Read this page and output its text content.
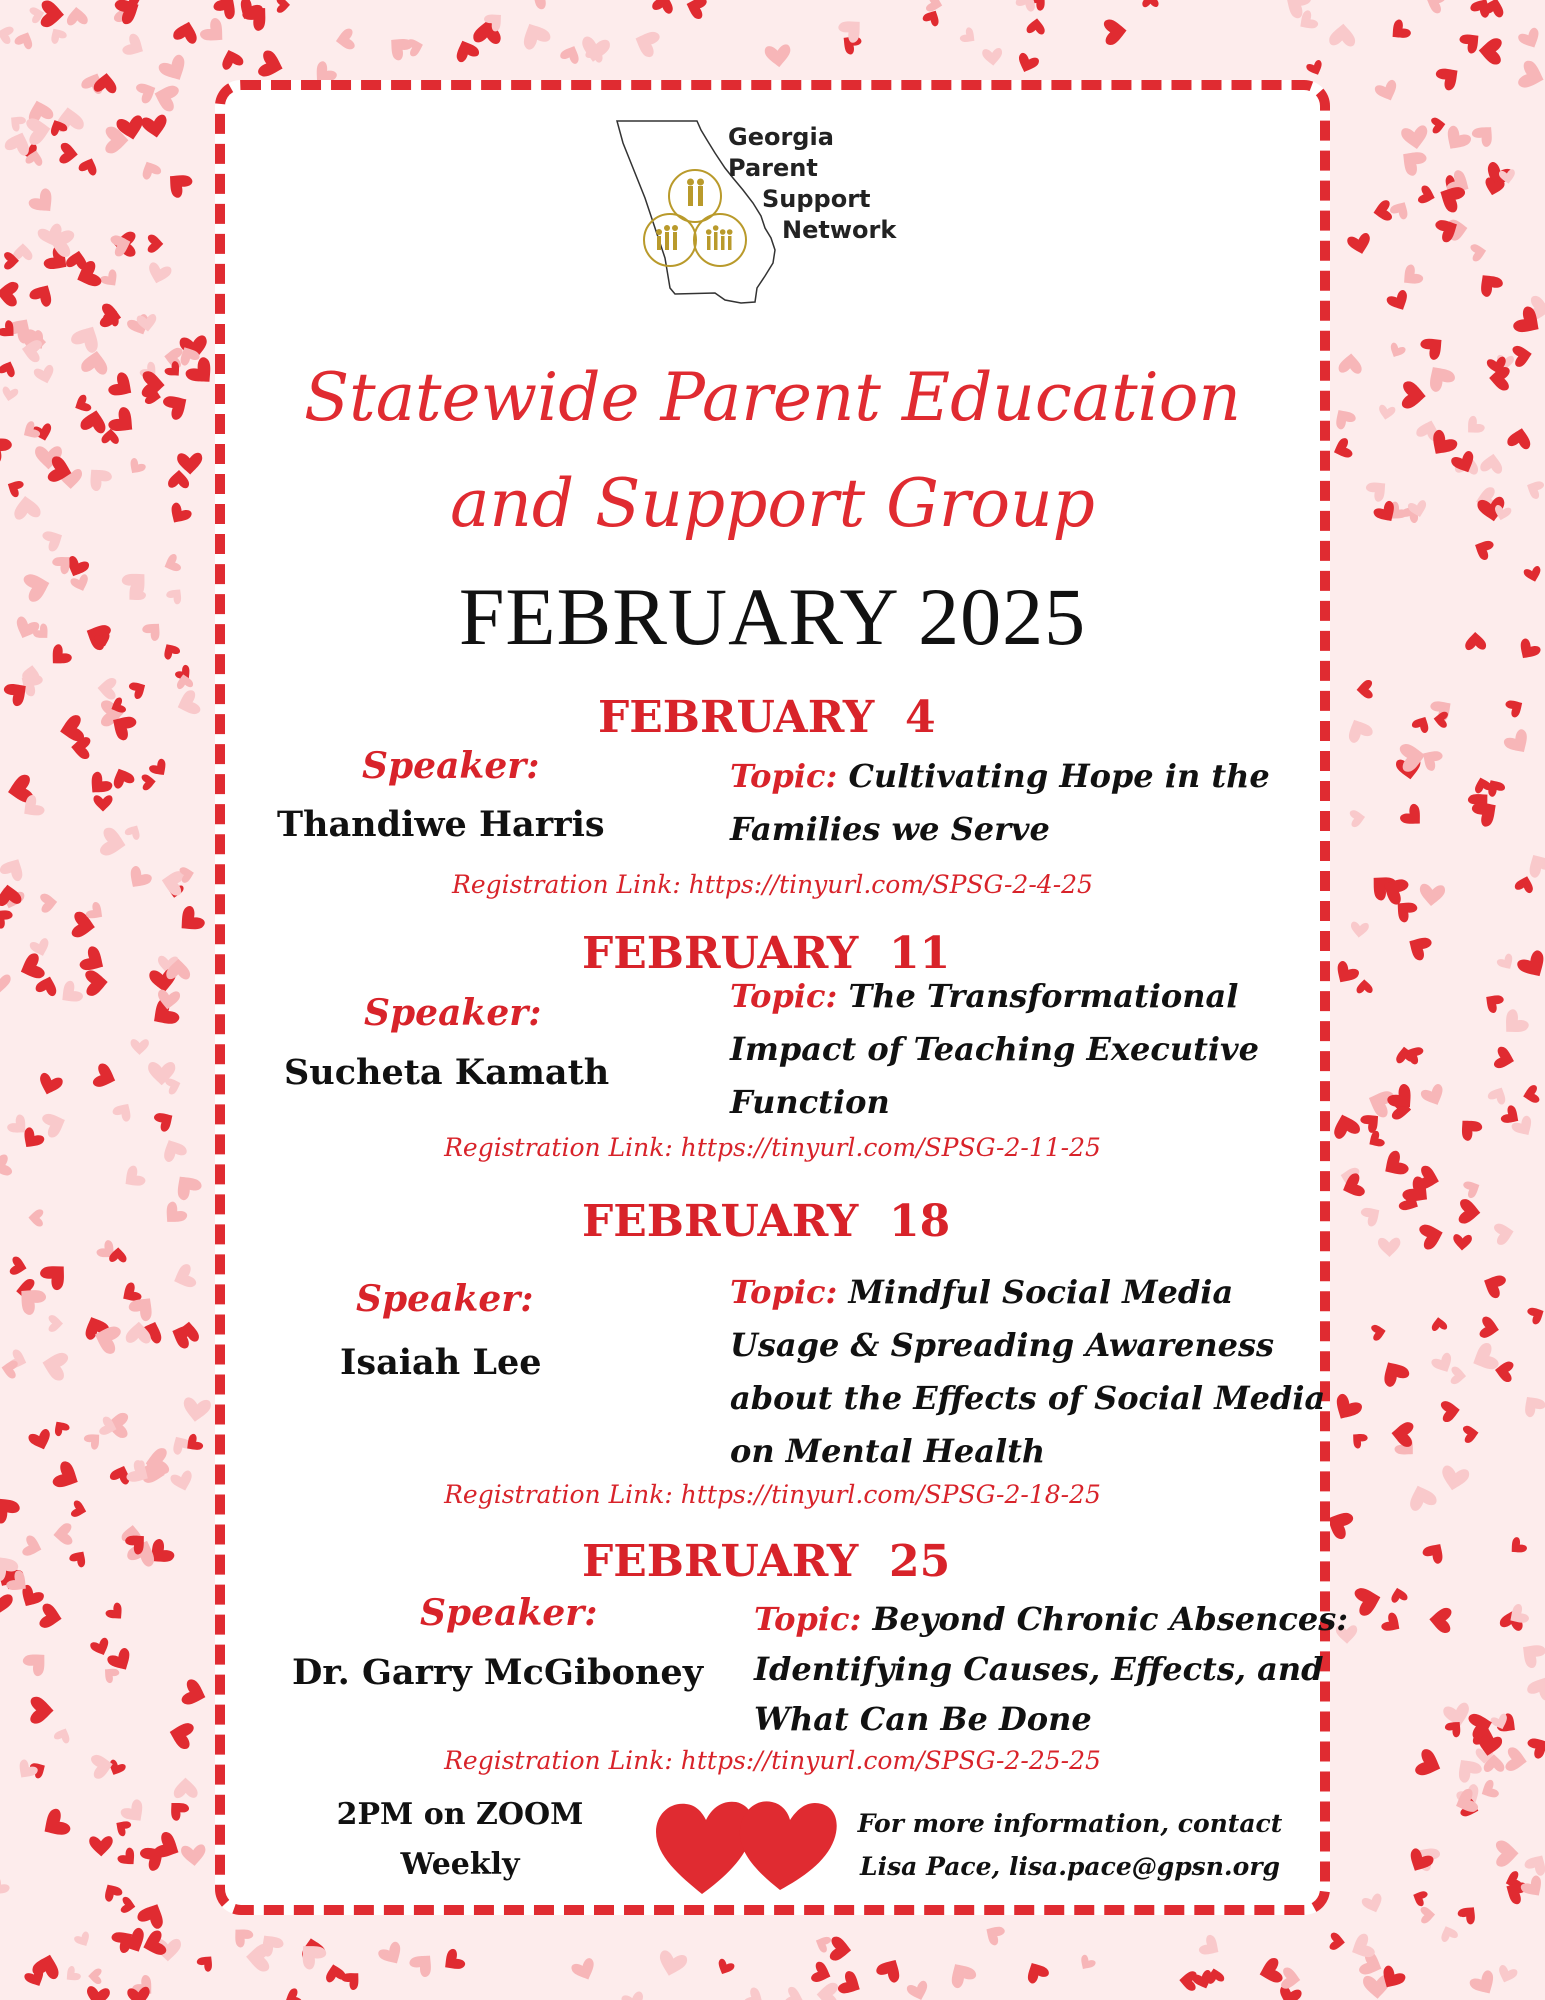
Georgia
Parent
Support
Network
Statewide Parent Education
and Support Group
FEBRUARY 2025
FEBRUARY  4
Speaker:
Thandiwe Harris
Topic: Cultivating Hope in the
Families we Serve
Registration Link: https://tinyurl.com/SPSG-2-4-25
FEBRUARY  11
Speaker:
Sucheta Kamath
Topic: The Transformational
Impact of Teaching Executive
Function
Registration Link: https://tinyurl.com/SPSG-2-11-25
FEBRUARY  18
Speaker:
Isaiah Lee
Topic: Mindful Social Media
Usage & Spreading Awareness
about the Effects of Social Media
on Mental Health
Registration Link: https://tinyurl.com/SPSG-2-18-25
FEBRUARY  25
Speaker:
Dr. Garry McGiboney
Topic: Beyond Chronic Absences:
Identifying Causes, Effects, and
What Can Be Done
Registration Link: https://tinyurl.com/SPSG-2-25-25
2PM on ZOOM
Weekly
For more information, contact
Lisa Pace, lisa.pace@gpsn.org
